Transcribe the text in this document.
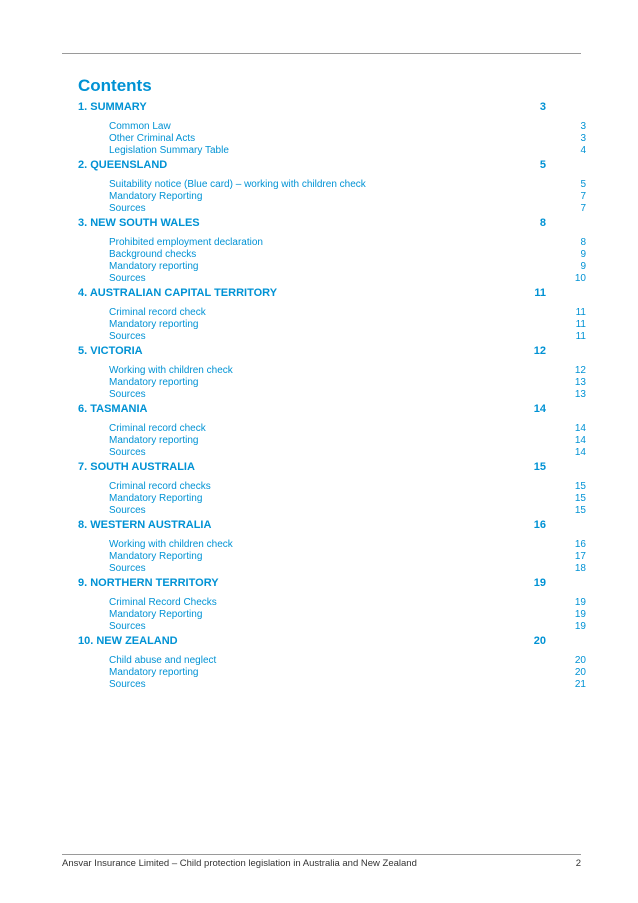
Contents
1. SUMMARY	3
Common Law	3
Other Criminal Acts	3
Legislation Summary Table	4
2. QUEENSLAND	5
Suitability notice (Blue card) – working with children check	5
Mandatory Reporting	7
Sources	7
3. NEW SOUTH WALES	8
Prohibited employment declaration	8
Background checks	9
Mandatory reporting	9
Sources	10
4. AUSTRALIAN CAPITAL TERRITORY	11
Criminal record check	11
Mandatory reporting	11
Sources	11
5. VICTORIA	12
Working with children check	12
Mandatory reporting	13
Sources	13
6. TASMANIA	14
Criminal record check	14
Mandatory reporting	14
Sources	14
7. SOUTH AUSTRALIA	15
Criminal record checks	15
Mandatory Reporting	15
Sources	15
8. WESTERN AUSTRALIA	16
Working with children check	16
Mandatory Reporting	17
Sources	18
9. NORTHERN TERRITORY	19
Criminal Record Checks	19
Mandatory Reporting	19
Sources	19
10. NEW ZEALAND	20
Child abuse and neglect	20
Mandatory reporting	20
Sources	21
Ansvar Insurance Limited – Child protection legislation in Australia and New Zealand	2
